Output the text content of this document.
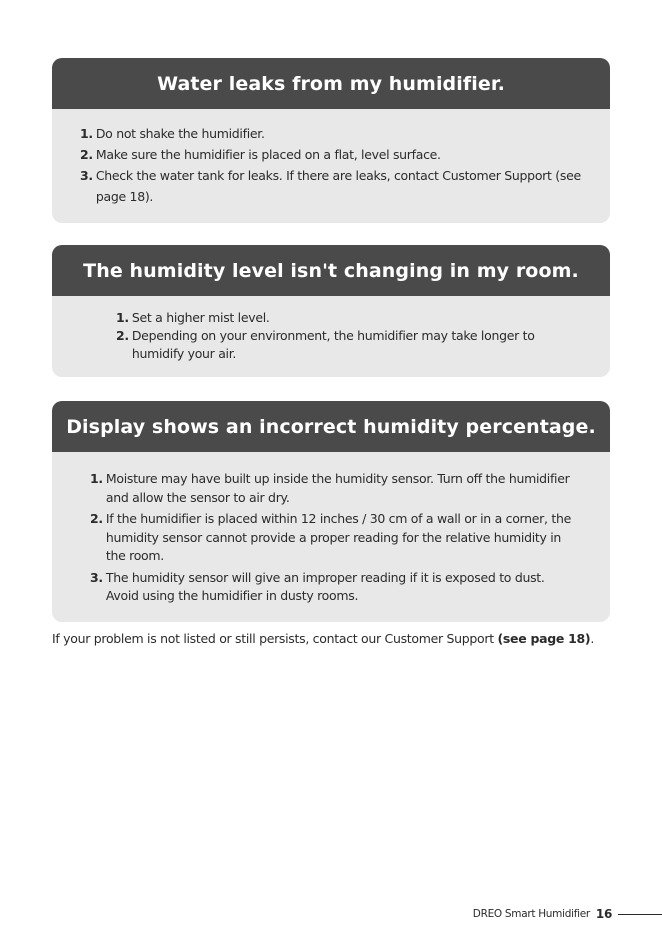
Water leaks from my humidifier.
1. Do not shake the humidifier.
2. Make sure the humidifier is placed on a flat, level surface.
3. Check the water tank for leaks. If there are leaks, contact Customer Support (see page 18).
The humidity level isn't changing in my room.
1. Set a higher mist level.
2. Depending on your environment, the humidifier may take longer to humidify your air.
Display shows an incorrect humidity percentage.
1. Moisture may have built up inside the humidity sensor. Turn off the humidifier and allow the sensor to air dry.
2. If the humidifier is placed within 12 inches / 30 cm of a wall or in a corner, the humidity sensor cannot provide a proper reading for the relative humidity in the room.
3. The humidity sensor will give an improper reading if it is exposed to dust. Avoid using the humidifier in dusty rooms.
If your problem is not listed or still persists, contact our Customer Support (see page 18).
DREO Smart Humidifier 16
